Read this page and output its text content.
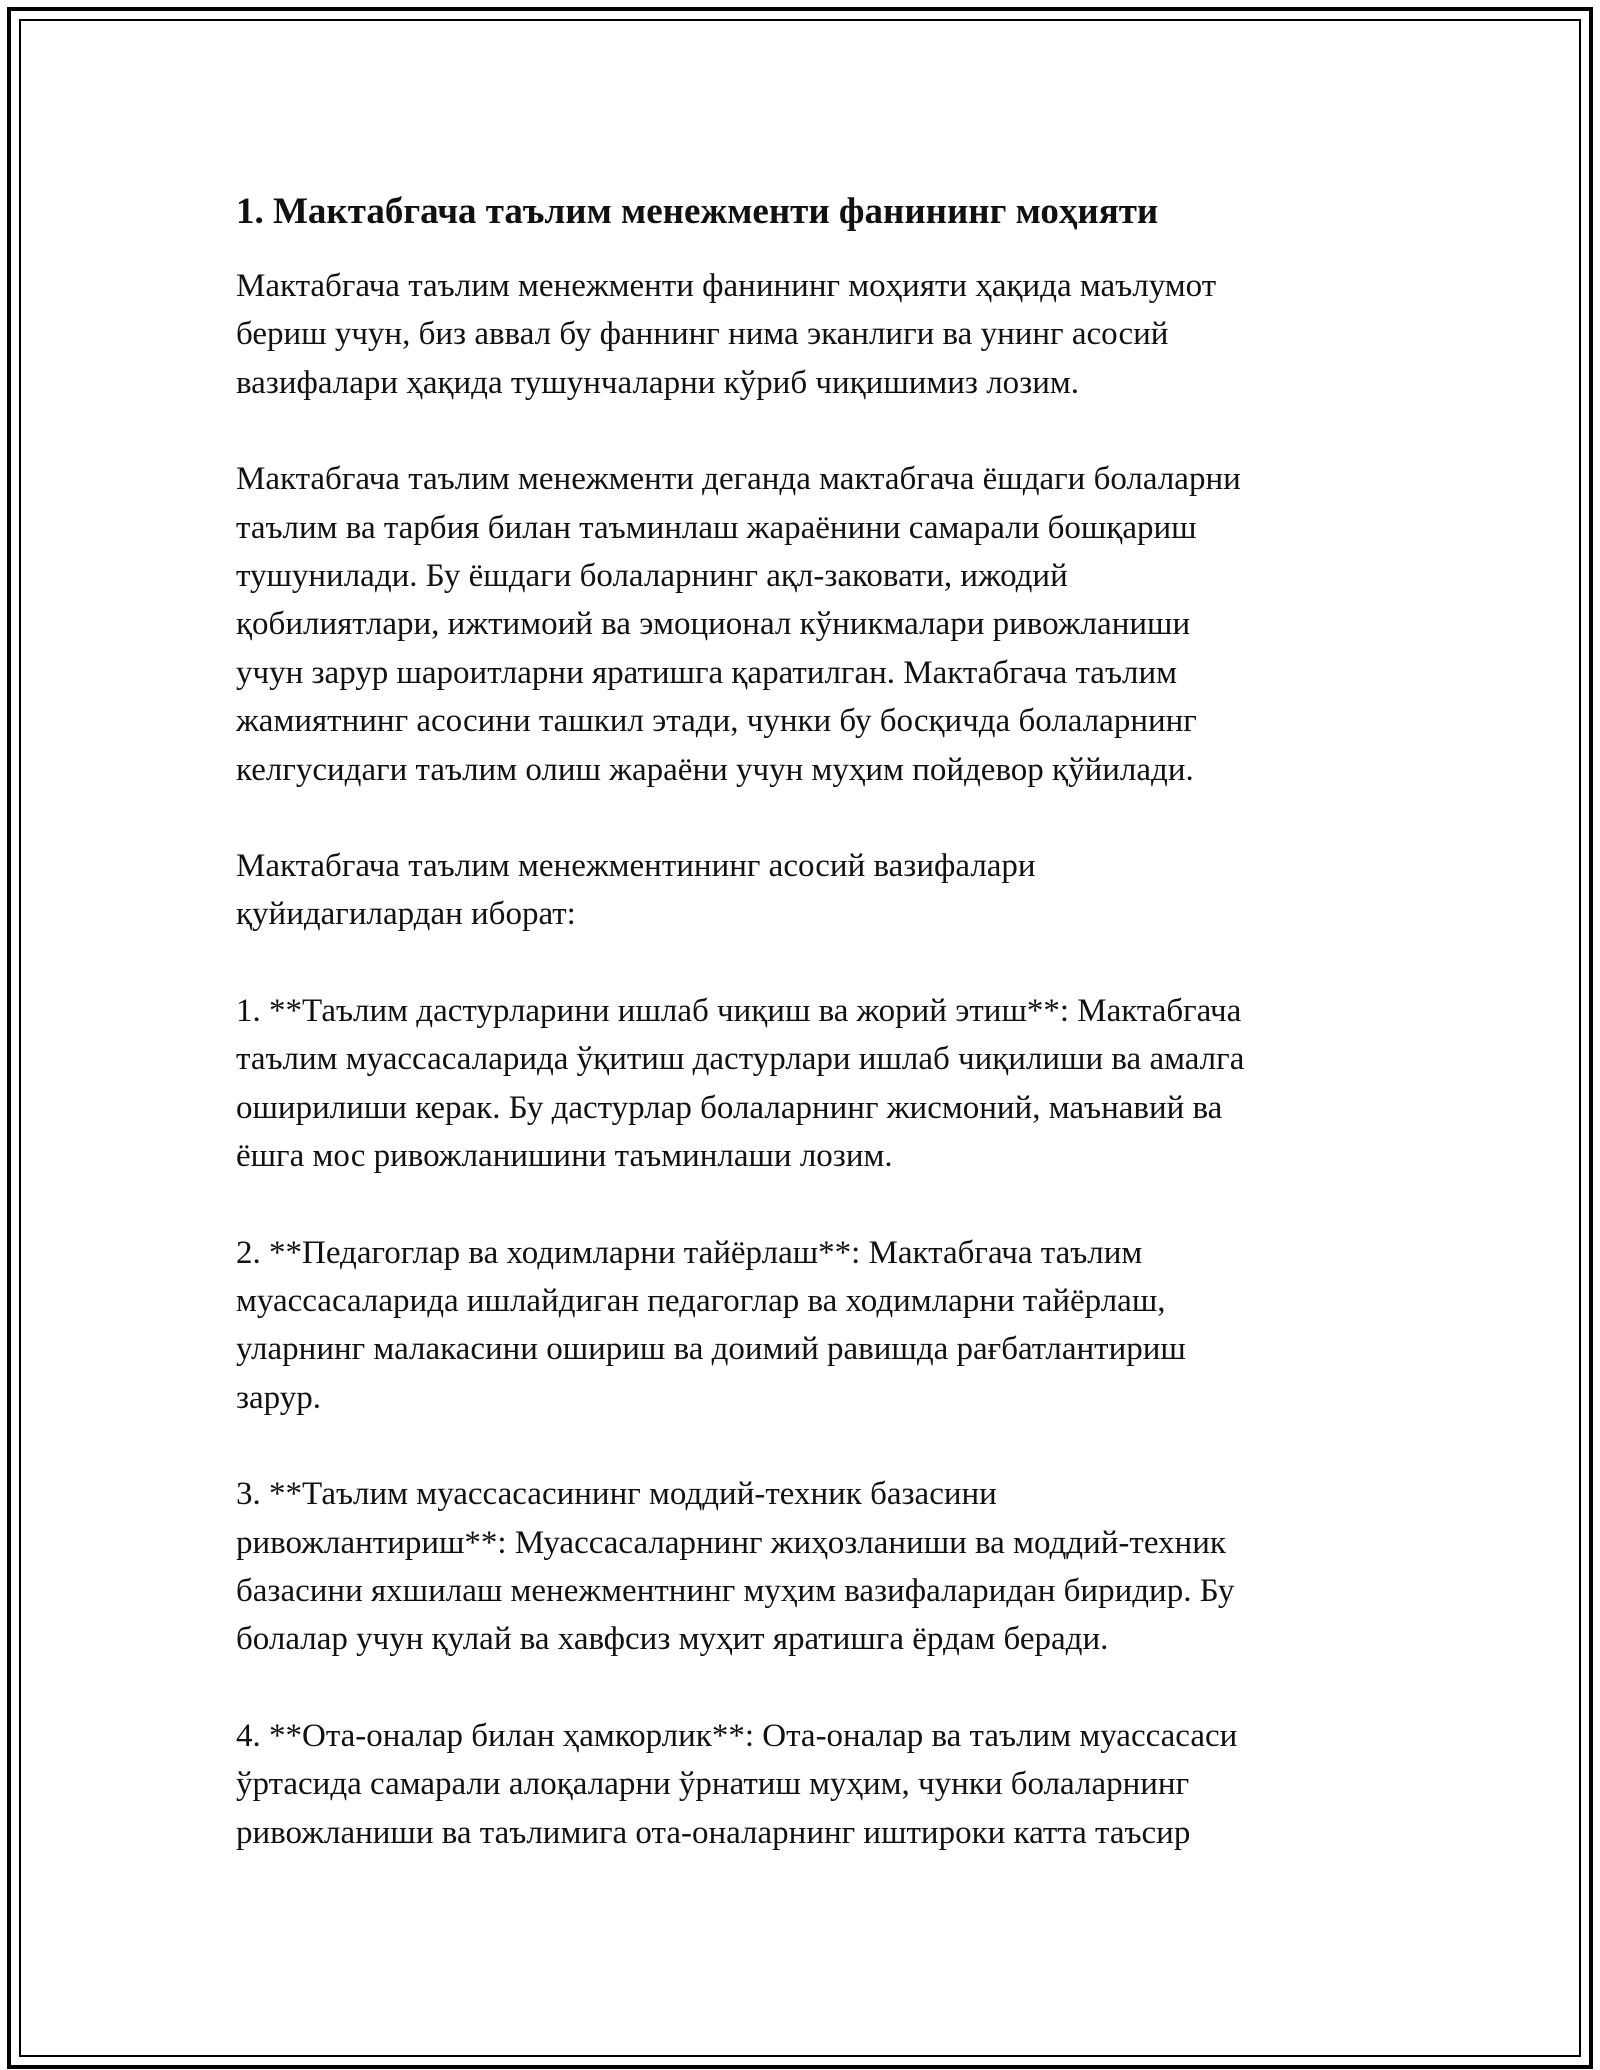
1. Мактабгача таълим менежменти фанининг моҳияти

Мактабгача таълим менежменти фанининг моҳияти ҳақида маълумот
бериш учун, биз аввал бу фаннинг нима эканлиги ва унинг асосий
вазифалари ҳақида тушунчаларни кўриб чиқишимиз лозим.

Мактабгача таълим менежменти деганда мактабгача ёшдаги болаларни
таълим ва тарбия билан таъминлаш жараёнини самарали бошқариш
тушунилади. Бу ёшдаги болаларнинг ақл-заковати, ижодий
қобилиятлари, ижтимоий ва эмоционал кўникмалари ривожланиши
учун зарур шароитларни яратишга қаратилган. Мактабгача таълим
жамиятнинг асосини ташкил этади, чунки бу босқичда болаларнинг
келгусидаги таълим олиш жараёни учун муҳим пойдевор қўйилади.

Мактабгача таълим менежментининг асосий вазифалари
қуйидагилардан иборат:

1. **Таълим дастурларини ишлаб чиқиш ва жорий этиш**: Мактабгача
таълим муассасаларида ўқитиш дастурлари ишлаб чиқилиши ва амалга
оширилиши керак. Бу дастурлар болаларнинг жисмоний, маънавий ва
ёшга мос ривожланишини таъминлаши лозим.

2. **Педагоглар ва ходимларни тайёрлаш**: Мактабгача таълим
муассасаларида ишлайдиган педагоглар ва ходимларни тайёрлаш,
уларнинг малакасини ошириш ва доимий равишда рағбатлантириш
зарур.

3. **Таълим муассасасининг моддий-техник базасини
ривожлантириш**: Муассасаларнинг жиҳозланиши ва моддий-техник
базасини яхшилаш менежментнинг муҳим вазифаларидан биридир. Бу
болалар учун қулай ва хавфсиз муҳит яратишга ёрдам беради.

4. **Ота-оналар билан ҳамкорлик**: Ота-оналар ва таълим муассасаси
ўртасида самарали алоқаларни ўрнатиш муҳим, чунки болаларнинг
ривожланиши ва таълимига ота-оналарнинг иштироки катта таъсир
